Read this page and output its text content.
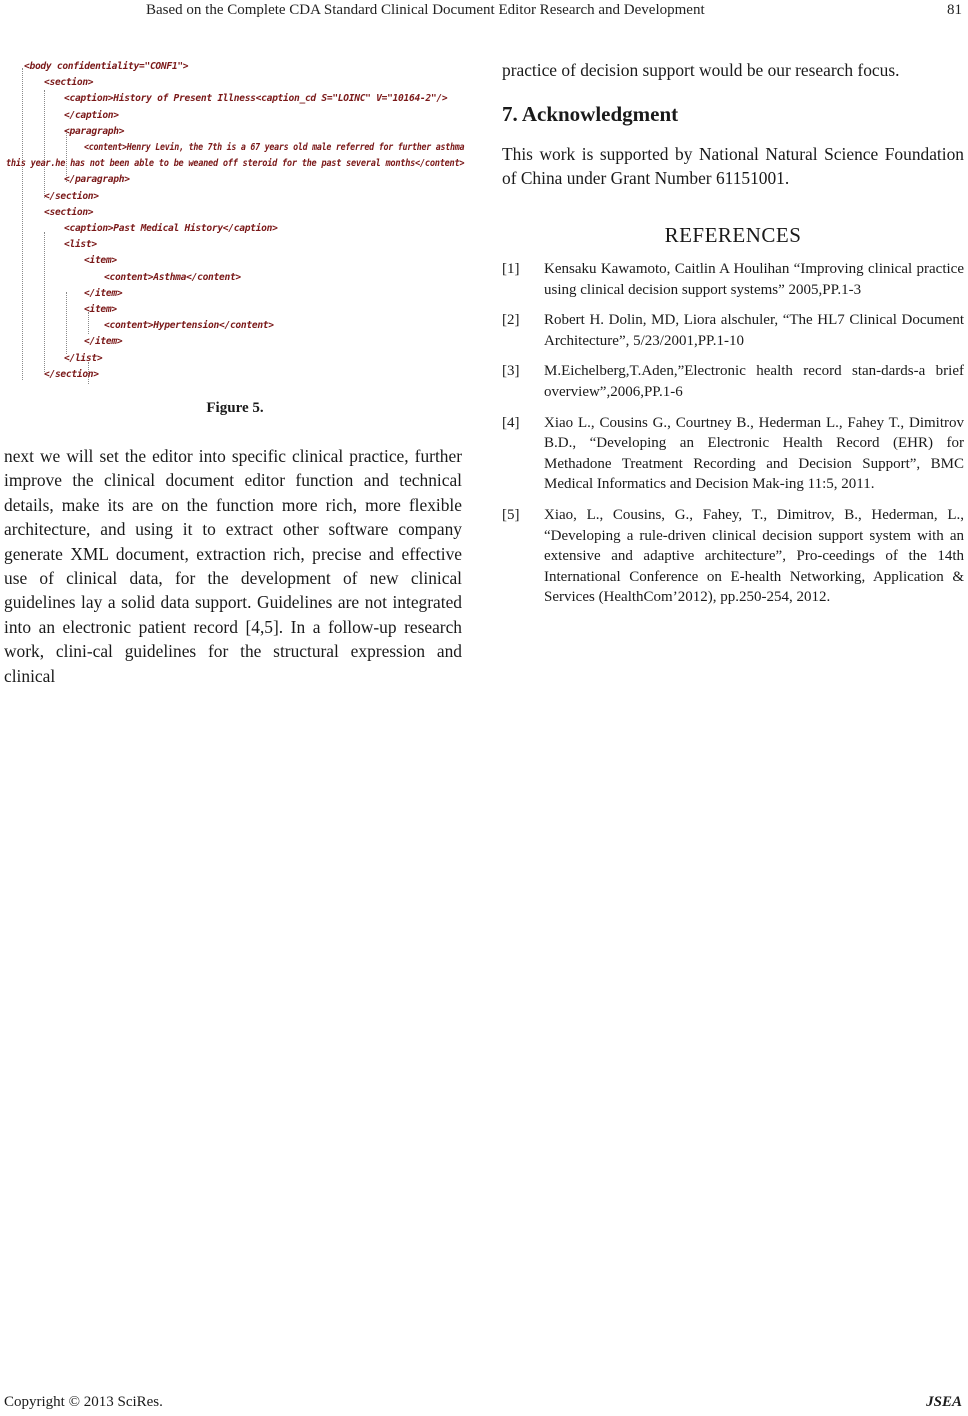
Based on the Complete CDA Standard Clinical Document Editor Research and Development	81
<body confidentiality="CONF1">
<section>
<caption>History of Present Illness<caption_cd S="LOINC" V="10164-2"/>
</caption>
<paragraph>
<content>Henry Levin, the 7th is a 67 years old male referred for further asthma
this year.he has not been able to be weaned off steroid for the past several months</content>
</paragraph>
</section>
<section>
<caption>Past Medical History</caption>
<list>
<item>
<content>Asthma</content>
</item>
<item>
<content>Hypertension</content>
</item>
</list>
</section>
Figure 5.
next we will set the editor into specific clinical practice, further improve the clinical document editor function and technical details, make its are on the function more rich, more flexible architecture, and using it to extract other software company generate XML document, extraction rich, precise and effective use of clinical data, for the development of new clinical guidelines lay a solid data support. Guidelines are not integrated into an electronic patient record [4,5]. In a follow-up research work, clini-cal guidelines for the structural expression and clinical
practice of decision support would be our research focus.
7. Acknowledgment
This work is supported by National Natural Science Foundation of China under Grant Number 61151001.
REFERENCES
[1] Kensaku Kawamoto, Caitlin A Houlihan “Improving clinical practice using clinical decision support systems” 2005,PP.1-3
[2] Robert H. Dolin, MD, Liora alschuler, “The HL7 Clinical Document Architecture”, 5/23/2001,PP.1-10
[3] M.Eichelberg,T.Aden,”Electronic health record stan-dards-a brief overview”,2006,PP.1-6
[4] Xiao L., Cousins G., Courtney B., Hederman L., Fahey T., Dimitrov B.D., “Developing an Electronic Health Record (EHR) for Methadone Treatment Recording and Decision Support”, BMC Medical Informatics and Decision Mak-ing 11:5, 2011.
[5] Xiao, L., Cousins, G., Fahey, T., Dimitrov, B., Hederman, L., “Developing a rule-driven clinical decision support system with an extensive and adaptive architecture”, Pro-ceedings of the 14th International Conference on E-health Networking, Application & Services (HealthCom’2012), pp.250-254, 2012.
Copyright © 2013 SciRes.	JSEA
